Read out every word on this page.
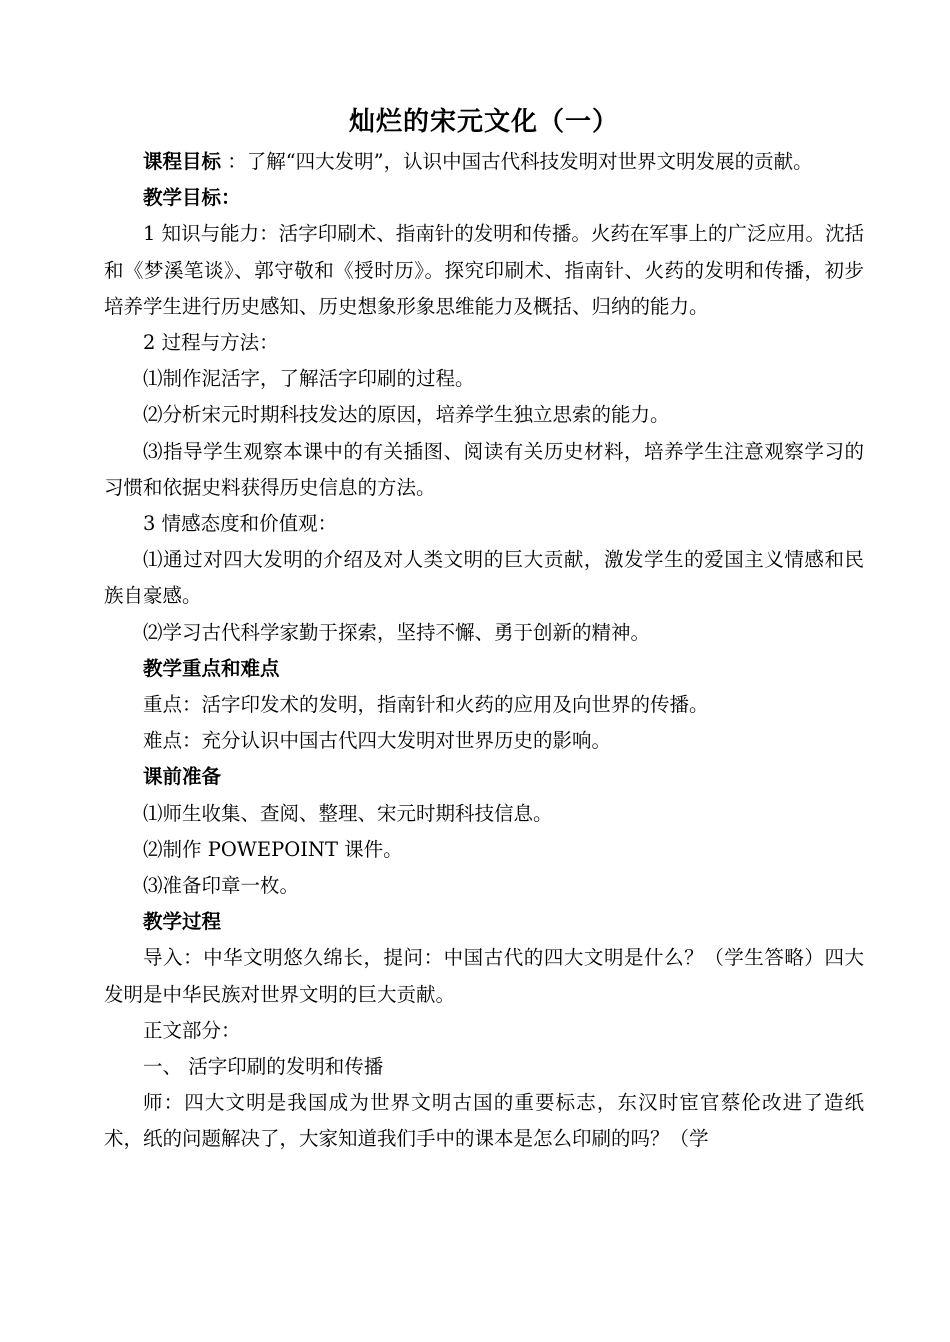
灿烂的宋元文化（一）

课程目标 ：了解“四大发明”，认识中国古代科技发明对世界文明发展的贡献。

教学目标：

1 知识与能力：活字印刷术、指南针的发明和传播。火药在军事上的广泛应用。沈括和《梦溪笔谈》、郭守敬和《授时历》。探究印刷术、指南针、火药的发明和传播，初步培养学生进行历史感知、历史想象形象思维能力及概括、归纳的能力。

2 过程与方法：

⑴制作泥活字，了解活字印刷的过程。

⑵分析宋元时期科技发达的原因，培养学生独立思索的能力。

⑶指导学生观察本课中的有关插图、阅读有关历史材料，培养学生注意观察学习的习惯和依据史料获得历史信息的方法。

3 情感态度和价值观：

⑴通过对四大发明的介绍及对人类文明的巨大贡献，激发学生的爱国主义情感和民族自豪感。

⑵学习古代科学家勤于探索，坚持不懈、勇于创新的精神。

教学重点和难点

重点：活字印发术的发明，指南针和火药的应用及向世界的传播。

难点：充分认识中国古代四大发明对世界历史的影响。

课前准备

⑴师生收集、查阅、整理、宋元时期科技信息。

⑵制作 POWEPOINT 课件。

⑶准备印章一枚。

教学过程

导入：中华文明悠久绵长，提问：中国古代的四大文明是什么？（学生答略）四大发明是中华民族对世界文明的巨大贡献。

正文部分：

一、 活字印刷的发明和传播

师：四大文明是我国成为世界文明古国的重要标志，东汉时宦官蔡伦改进了造纸术，纸的问题解决了，大家知道我们手中的课本是怎么印刷的吗？（学
